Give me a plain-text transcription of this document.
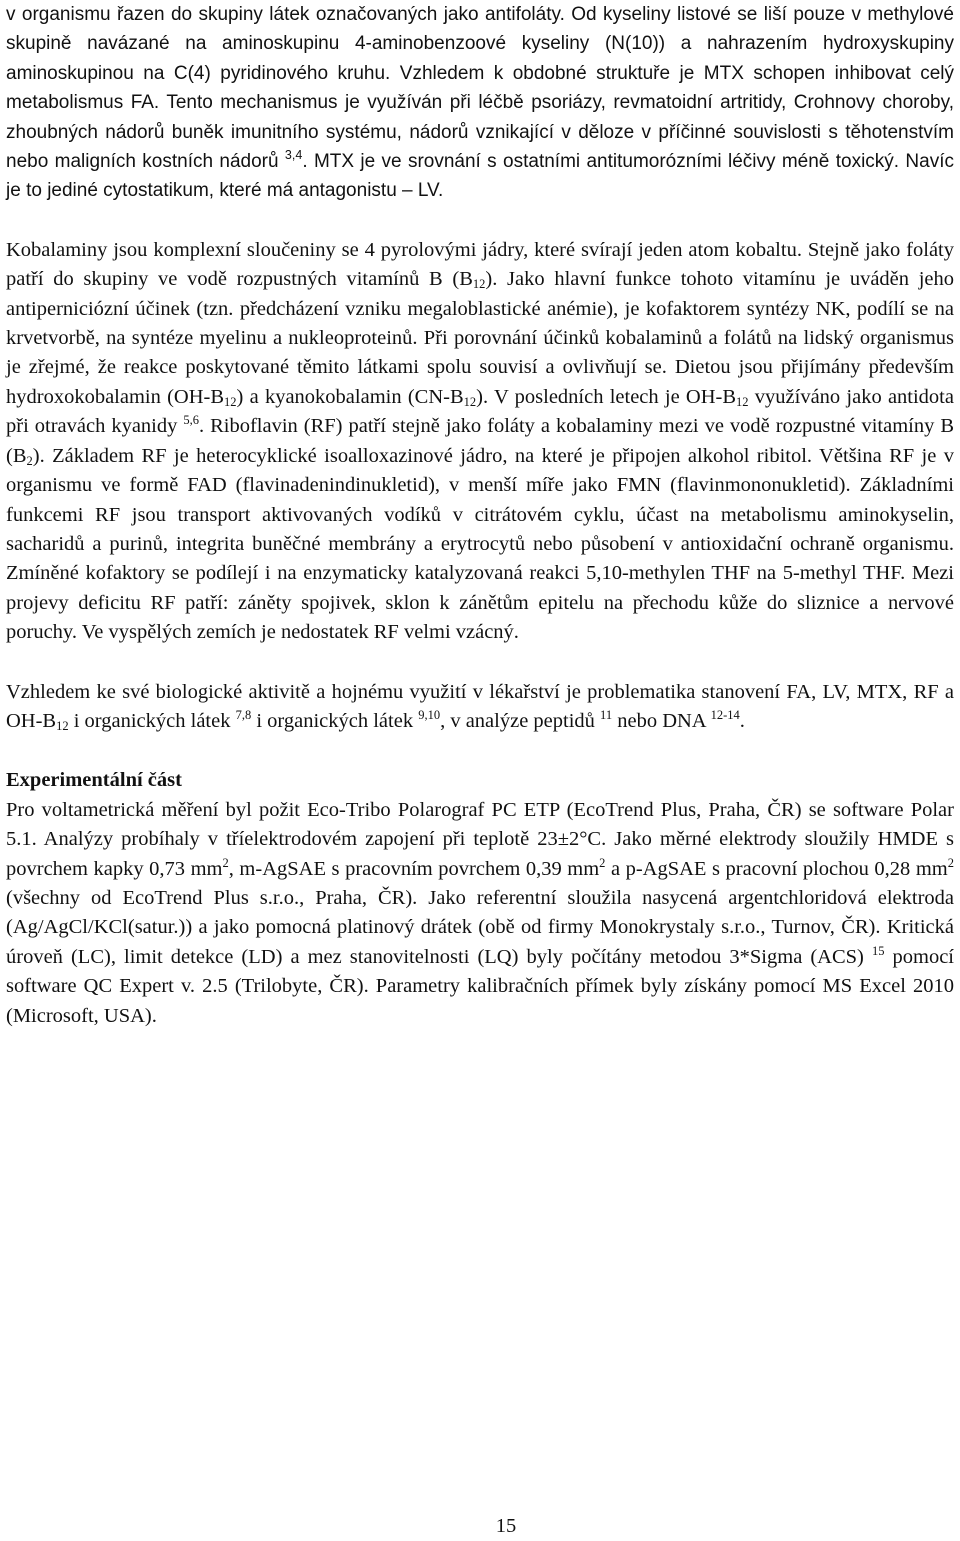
v organismu řazen do skupiny látek označovaných jako antifoláty. Od kyseliny listové se liší pouze v methylové skupině navázané na aminoskupinu 4-aminobenzoové kyseliny (N(10)) a nahrazením hydroxyskupiny aminoskupinou na C(4) pyridinového kruhu. Vzhledem k obdobné struktuře je MTX schopen inhibovat celý metabolismus FA. Tento mechanismus je využíván při léčbě psoriázy, revmatoidní artritidy, Crohnovy choroby, zhoubných nádorů buněk imunitního systému, nádorů vznikající v děloze v příčinné souvislosti s těhotenstvím nebo maligních kostních nádorů $^{3,4}$. MTX je ve srovnání s ostatními antitumorózními léčivy méně toxický. Navíc je to jediné cytostatikum, které má antagonistu – LV.

Kobalaminy jsou komplexní sloučeniny se 4 pyrolovými jádry, které svírají jeden atom kobaltu. Stejně jako foláty patří do skupiny ve vodě rozpustných vitamínů B $(B_{12})$. Jako hlavní funkce tohoto vitamínu je uváděn jeho antiperniciózní účinek (tzn. předcházení vzniku megaloblastické anémie), je kofaktorem syntézy NK, podílí se na krvetvorbě, na syntéze myelinu a nukleoproteinů. Při porovnání účinků kobalaminů a folátů na lidský organismus je zřejmé, že reakce poskytované těmito látkami spolu souvisí a ovlivňují se. Dietou jsou přijímány především hydroxokobalamin $(OH-B_{12})$ a kyanokobalamin $(CN-B_{12})$. V posledních letech je $OH-B_{12}$ využíváno jako antidota při otravách kyanidy $^{5,6}$. Riboflavin (RF) patří stejně jako foláty a kobalaminy mezi ve vodě rozpustné vitamíny B $(B_2)$. Základem RF je heterocyklické isoalloxazinové jádro, na které je připojen alkohol ribitol. Většina RF je v organismu ve formě FAD (flavinadenindinukletid), v menší míře jako FMN (flavinmononukletid). Základními funkcemi RF jsou transport aktivovaných vodíků v citrátovém cyklu, účast na metabolismu aminokyselin, sacharidů a purinů, integrita buněčné membrány a erytrocytů nebo působení v antioxidační ochraně organismu. Zmíněné kofaktory se podílejí i na enzymaticky katalyzovaná reakci 5,10-methylen THF na 5-methyl THF. Mezi projevy deficitu RF patří: záněty spojivek, sklon k zánětům epitelu na přechodu kůže do sliznice a nervové poruchy. Ve vyspělých zemích je nedostatek RF velmi vzácný.

Vzhledem ke své biologické aktivitě a hojnému využití v lékařství je problematika stanovení FA, LV, MTX, RF a $OH-B_{12}$ i organických látek $^{7,8}$ i organických látek $^{9,10}$, v analýze peptidů $^{11}$ nebo DNA $^{12-14}$.

Experimentální část

Pro voltametrická měření byl požit Eco-Tribo Polarograf PC ETP (EcoTrend Plus, Praha, ČR) se software Polar 5.1. Analýzy probíhaly v tříelektrodovém zapojení při teplotě 23±2°C. Jako měrné elektrody sloužily HMDE s povrchem kapky 0,73 $mm^2$, m-AgSAE s pracovním povrchem 0,39 $mm^2$ a p-AgSAE s pracovní plochou 0,28 $mm^2$ (všechny od EcoTrend Plus s.r.o., Praha, ČR). Jako referentní sloužila nasycená argentchloridová elektroda (Ag/AgCl/KCl(satur.)) a jako pomocná platinový drátek (obě od firmy Monokrystaly s.r.o., Turnov, ČR). Kritická úroveň (LC), limit detekce (LD) a mez stanovitelnosti (LQ) byly počítány metodou 3*Sigma (ACS) $^{15}$ pomocí software QC Expert v. 2.5 (Trilobyte, ČR). Parametry kalibračních přímek byly získány pomocí MS Excel 2010 (Microsoft, USA).

15
